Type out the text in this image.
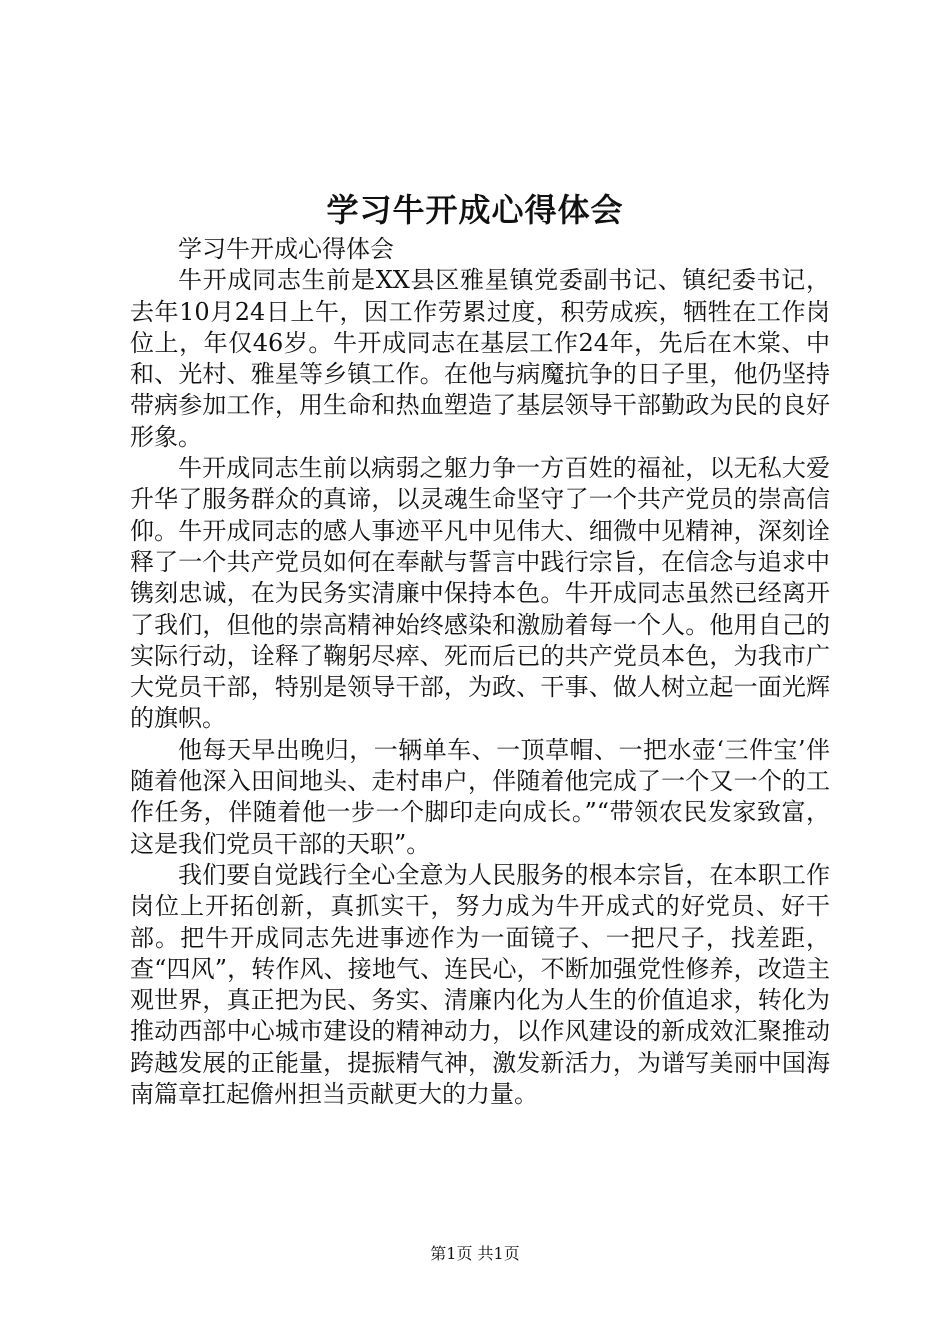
学习牛开成心得体会

学习牛开成心得体会

牛开成同志生前是XX县区雅星镇党委副书记、镇纪委书记，去年10月24日上午，因工作劳累过度，积劳成疾，牺牲在工作岗位上，年仅46岁。牛开成同志在基层工作24年，先后在木棠、中和、光村、雅星等乡镇工作。在他与病魔抗争的日子里，他仍坚持带病参加工作，用生命和热血塑造了基层领导干部勤政为民的良好形象。

牛开成同志生前以病弱之躯力争一方百姓的福祉，以无私大爱升华了服务群众的真谛，以灵魂生命坚守了一个共产党员的崇高信仰。牛开成同志的感人事迹平凡中见伟大、细微中见精神，深刻诠释了一个共产党员如何在奉献与誓言中践行宗旨，在信念与追求中镌刻忠诚，在为民务实清廉中保持本色。牛开成同志虽然已经离开了我们，但他的崇高精神始终感染和激励着每一个人。他用自己的实际行动，诠释了鞠躬尽瘁、死而后已的共产党员本色，为我市广大党员干部，特别是领导干部，为政、干事、做人树立起一面光辉的旗帜。

他每天早出晚归，一辆单车、一顶草帽、一把水壶‘三件宝’伴随着他深入田间地头、走村串户，伴随着他完成了一个又一个的工作任务，伴随着他一步一个脚印走向成长。”“带领农民发家致富，这是我们党员干部的天职”。

我们要自觉践行全心全意为人民服务的根本宗旨，在本职工作岗位上开拓创新，真抓实干，努力成为牛开成式的好党员、好干部。把牛开成同志先进事迹作为一面镜子、一把尺子，找差距，查“四风”，转作风、接地气、连民心，不断加强党性修养，改造主观世界，真正把为民、务实、清廉内化为人生的价值追求，转化为推动西部中心城市建设的精神动力，以作风建设的新成效汇聚推动跨越发展的正能量，提振精气神，激发新活力，为谱写美丽中国海南篇章扛起儋州担当贡献更大的力量。

第1页 共1页
